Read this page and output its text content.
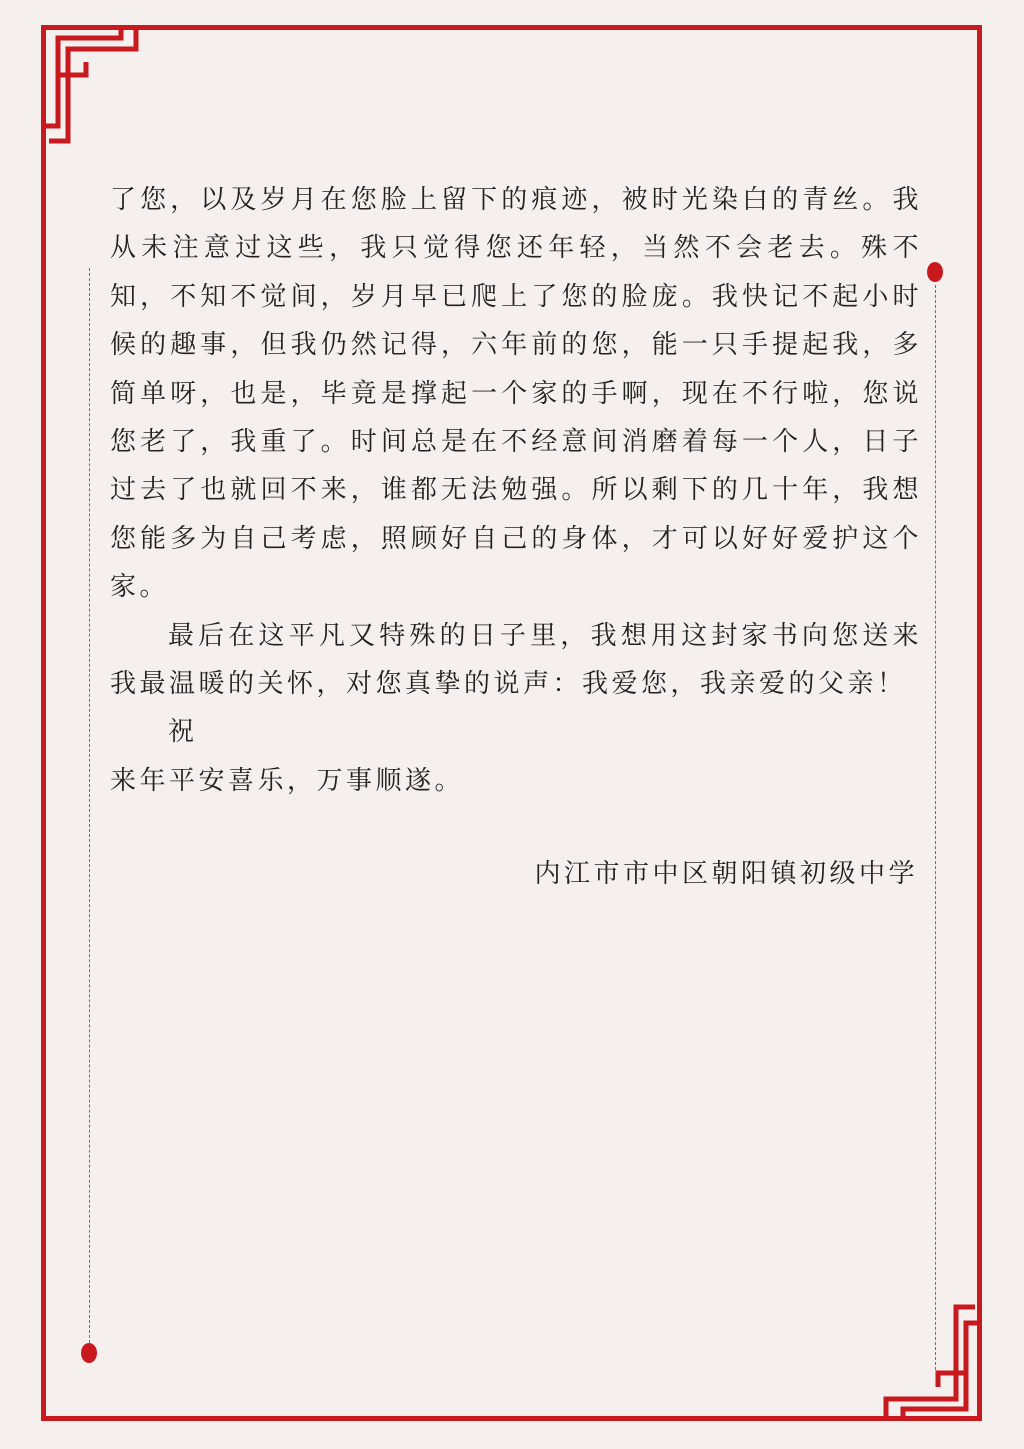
了您，以及岁月在您脸上留下的痕迹，被时光染白的青丝。我从未注意过这些，我只觉得您还年轻，当然不会老去。殊不知，不知不觉间，岁月早已爬上了您的脸庞。我快记不起小时候的趣事，但我仍然记得，六年前的您，能一只手提起我，多简单呀，也是，毕竟是撑起一个家的手啊，现在不行啦，您说您老了，我重了。时间总是在不经意间消磨着每一个人，日子过去了也就回不来，谁都无法勉强。所以剩下的几十年，我想您能多为自己考虑，照顾好自己的身体，才可以好好爱护这个家。

最后在这平凡又特殊的日子里，我想用这封家书向您送来我最温暖的关怀，对您真挚的说声：我爱您，我亲爱的父亲！

祝

来年平安喜乐，万事顺遂。

内江市市中区朝阳镇初级中学
